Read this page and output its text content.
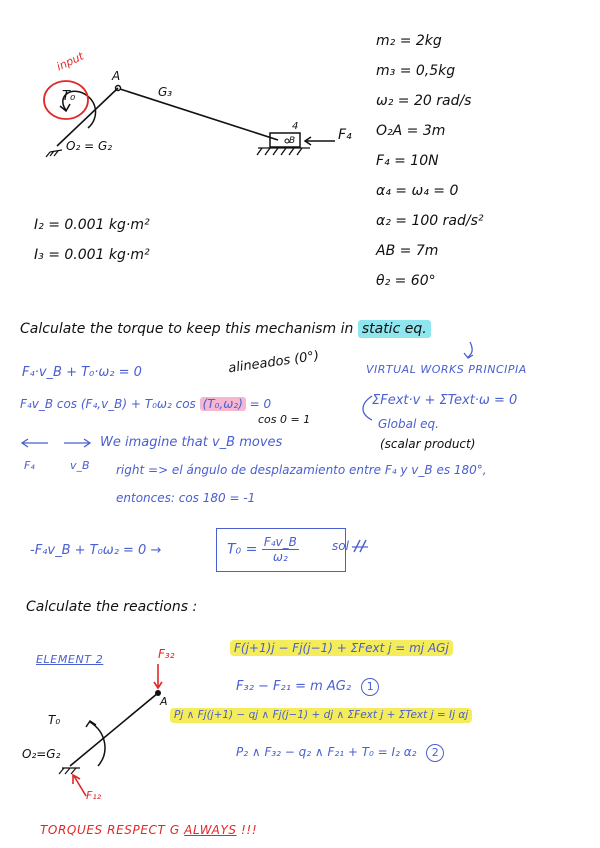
input
T₀
A
G₃
4
B	F₄
O₂ = G₂
m₂ = 2kg
m₃ = 0,5kg
ω₂ = 20 rad/s
O₂A = 3m
F₄ = 10N
α₄ = ω₄ = 0
α₂ = 100 rad/s²
AB = 7m
θ₂ = 60°
I₂ = 0.001 kg·m²
I₃ = 0.001 kg·m²
Calculate the torque to keep this mechanism in static eq.
F₄·v_B + T₀·ω₂ = 0	alineados (0°)
F₄v_B cos (F₄,v_B) + T₀ω₂ cos (T₀,ω₂) = 0
cos 0 = 1
VIRTUAL WORKS PRINCIPIA
ΣFext·v + ΣText·ω = 0
Global eq.
(scalar product)
F₄	v_B
We imagine that v_B moves
right => el ángulo de desplazamiento entre F₄ y v_B es 180°,
entonces: cos 180 = -1
-F₄v_B + T₀ω₂ = 0 →	$T_0 = \frac{\text{F₄v\_B}}{\text{ω₂}}$	sol
Calculate the reactions :
ELEMENT 2	F₃₂
A
T₀
O₂=G₂
F₁₂
F(j+1)j − Fj(j−1) + ΣFext j = mj AGj
F₃₂ − F₂₁ = m AG₂ 1
Pj ∧ Fj(j+1) − qj ∧ Fj(j−1) + dj ∧ ΣFext j + ΣText j = Ij αj
P₂ ∧ F₃₂ − q₂ ∧ F₂₁ + T₀ = I₂ α₂ 2
TORQUES RESPECT G ALWAYS !!!
